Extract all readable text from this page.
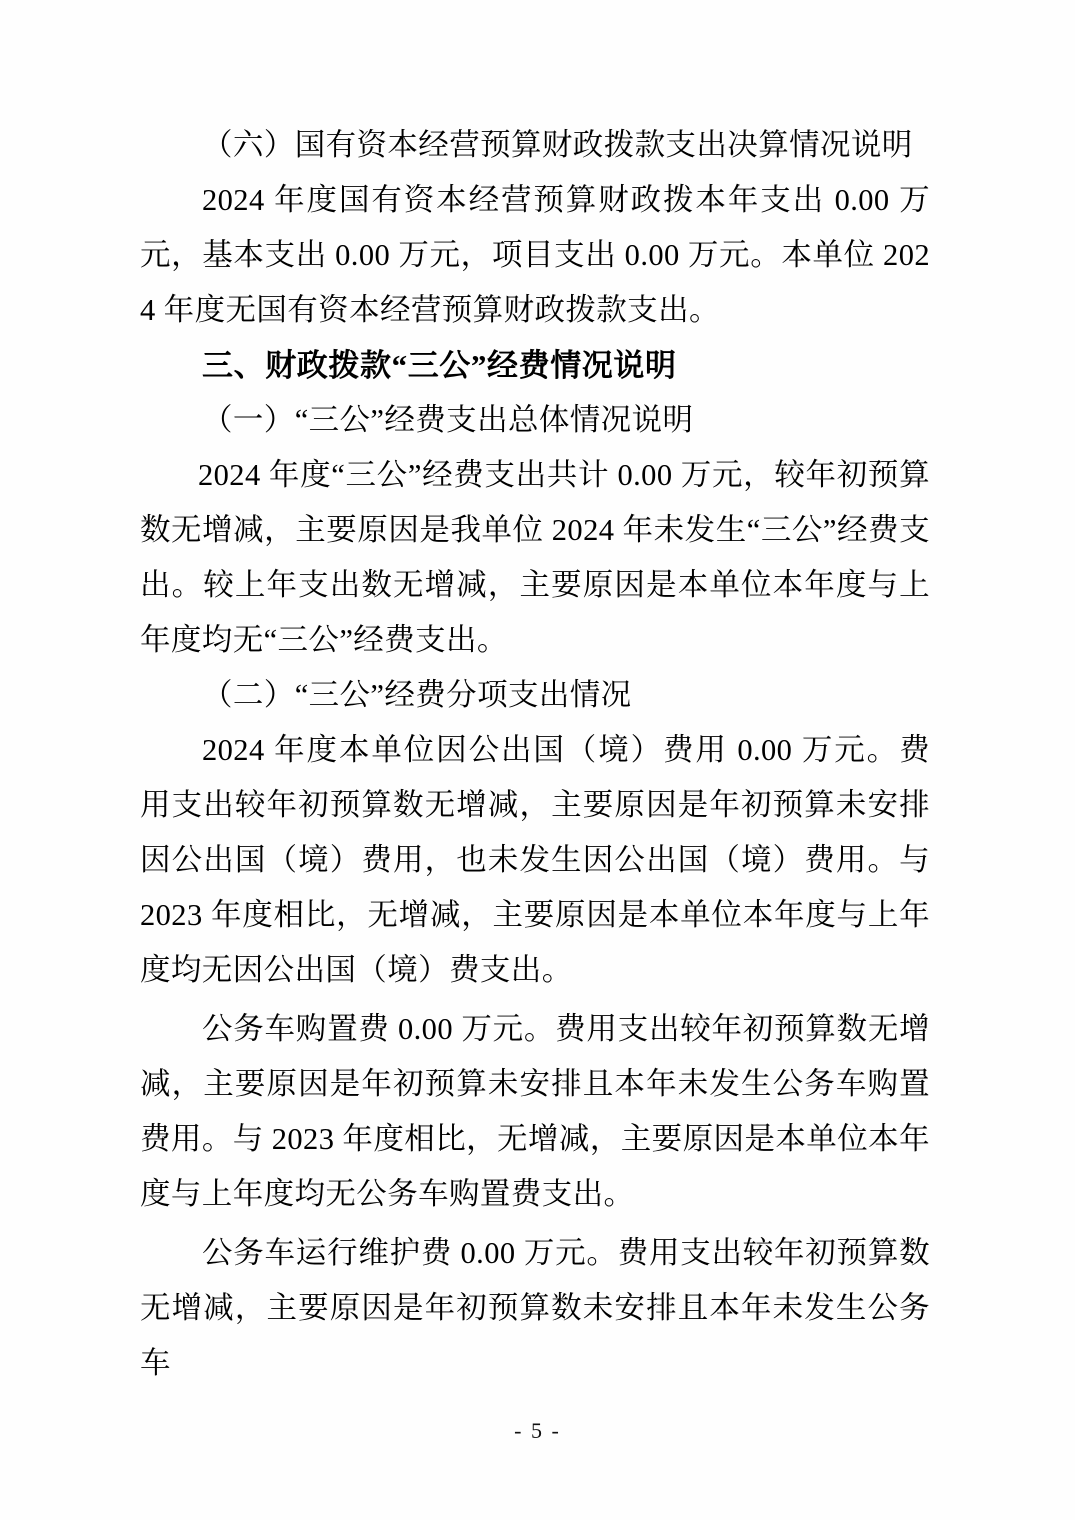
（六）国有资本经营预算财政拨款支出决算情况说明

2024 年度国有资本经营预算财政拨本年支出 0.00 万元，基本支出 0.00 万元，项目支出 0.00 万元。本单位 2024 年度无国有资本经营预算财政拨款支出。

三、财政拨款“三公”经费情况说明

（一）“三公”经费支出总体情况说明

2024 年度“三公”经费支出共计 0.00 万元，较年初预算数无增减，主要原因是我单位 2024 年未发生“三公”经费支出。较上年支出数无增减，主要原因是本单位本年度与上年度均无“三公”经费支出。

（二）“三公”经费分项支出情况

2024 年度本单位因公出国（境）费用 0.00 万元。费用支出较年初预算数无增减，主要原因是年初预算未安排因公出国（境）费用，也未发生因公出国（境）费用。与 2023 年度相比，无增减，主要原因是本单位本年度与上年度均无因公出国（境）费支出。

公务车购置费 0.00 万元。费用支出较年初预算数无增减，主要原因是年初预算未安排且本年未发生公务车购置费用。与 2023 年度相比，无增减，主要原因是本单位本年度与上年度均无公务车购置费支出。

公务车运行维护费 0.00 万元。费用支出较年初预算数无增减，主要原因是年初预算数未安排且本年未发生公务车

- 5 -
